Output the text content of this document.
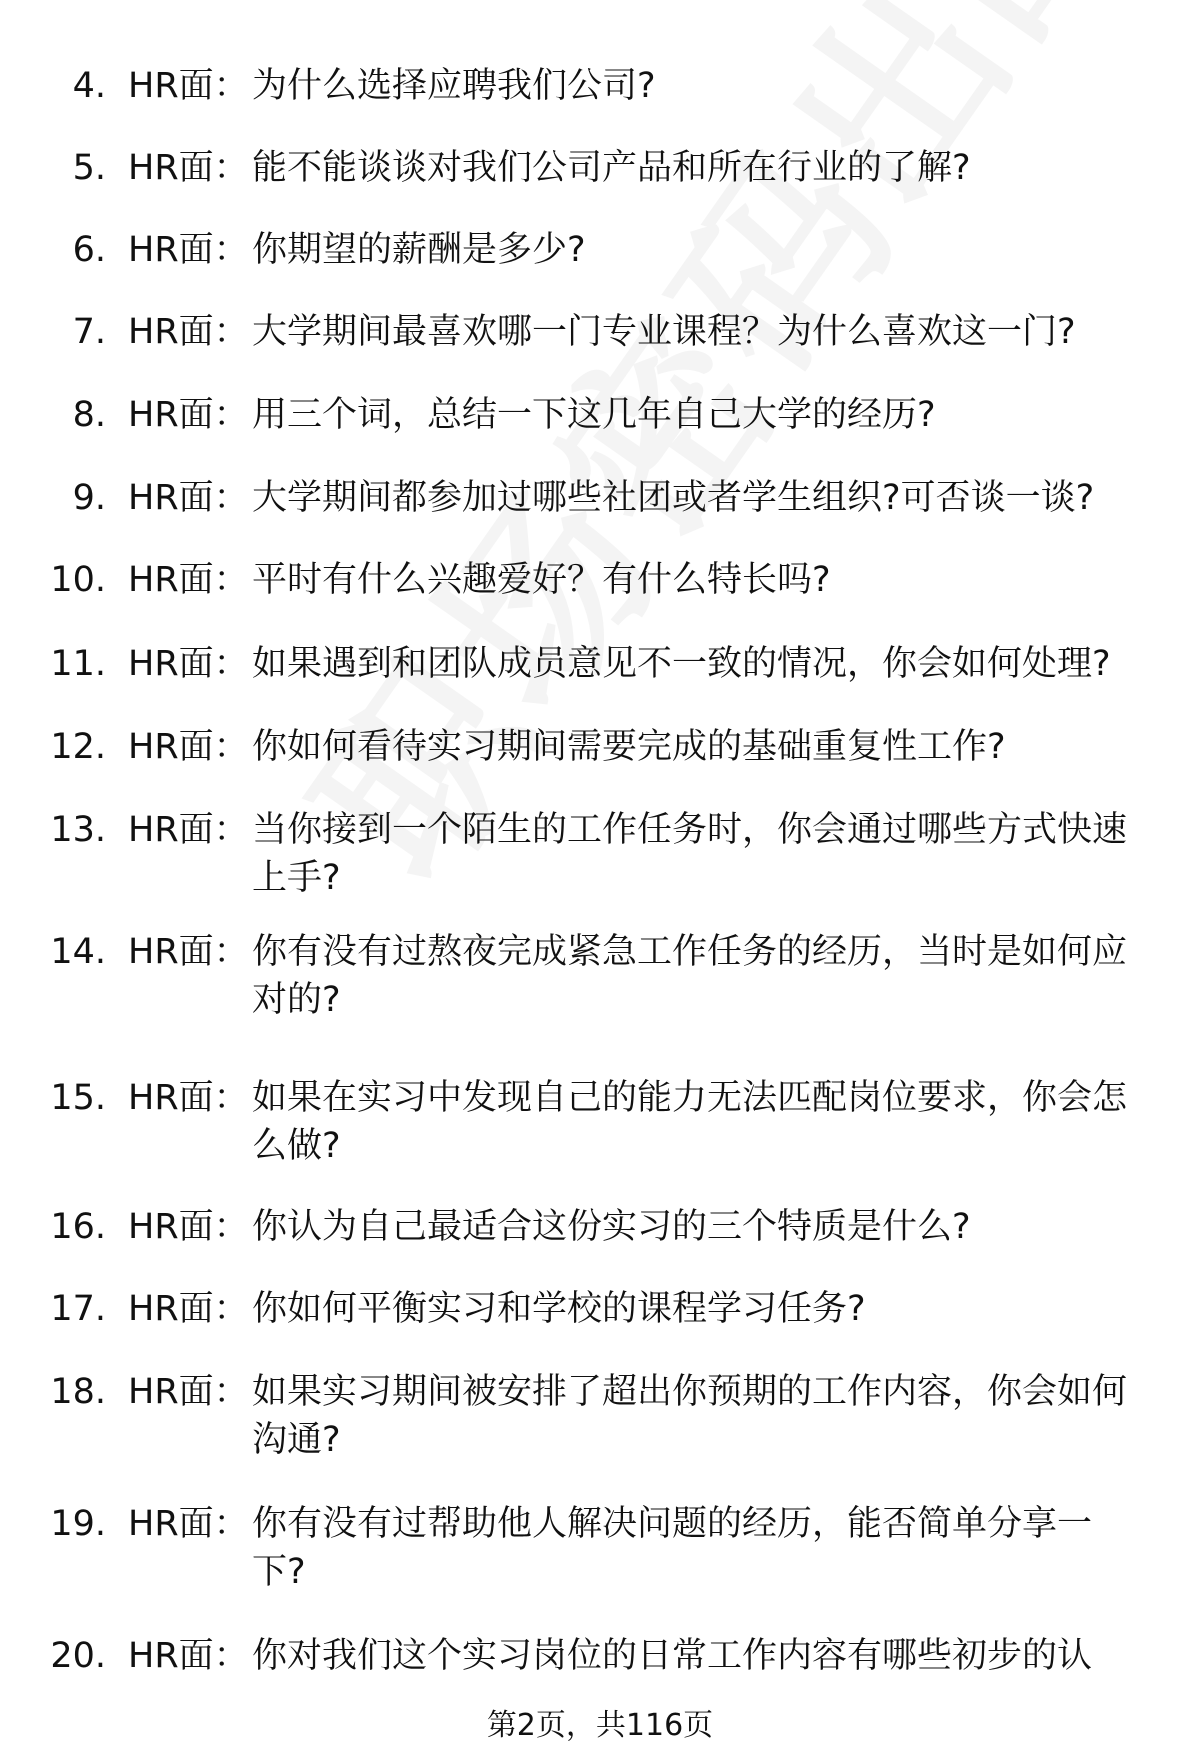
4. HR面： 为什么选择应聘我们公司?
5. HR面： 能不能谈谈对我们公司产品和所在行业的了解?
6. HR面： 你期望的薪酬是多少?
7. HR面： 大学期间最喜欢哪一门专业课程？为什么喜欢这一门?
8. HR面： 用三个词，总结一下这几年自己大学的经历?
9. HR面： 大学期间都参加过哪些社团或者学生组织?可否谈一谈?
10. HR面： 平时有什么兴趣爱好？有什么特长吗?
11. HR面： 如果遇到和团队成员意见不一致的情况，你会如何处理?
12. HR面： 你如何看待实习期间需要完成的基础重复性工作?
13. HR面： 当你接到一个陌生的工作任务时，你会通过哪些方式快速
上手?
14. HR面： 你有没有过熬夜完成紧急工作任务的经历，当时是如何应
对的?
15. HR面： 如果在实习中发现自己的能力无法匹配岗位要求，你会怎
么做?
16. HR面： 你认为自己最适合这份实习的三个特质是什么?
17. HR面： 你如何平衡实习和学校的课程学习任务?
18. HR面： 如果实习期间被安排了超出你预期的工作内容，你会如何
沟通?
19. HR面： 你有没有过帮助他人解决问题的经历，能否简单分享一
下?
20. HR面： 你对我们这个实习岗位的日常工作内容有哪些初步的认
第2页，共116页
